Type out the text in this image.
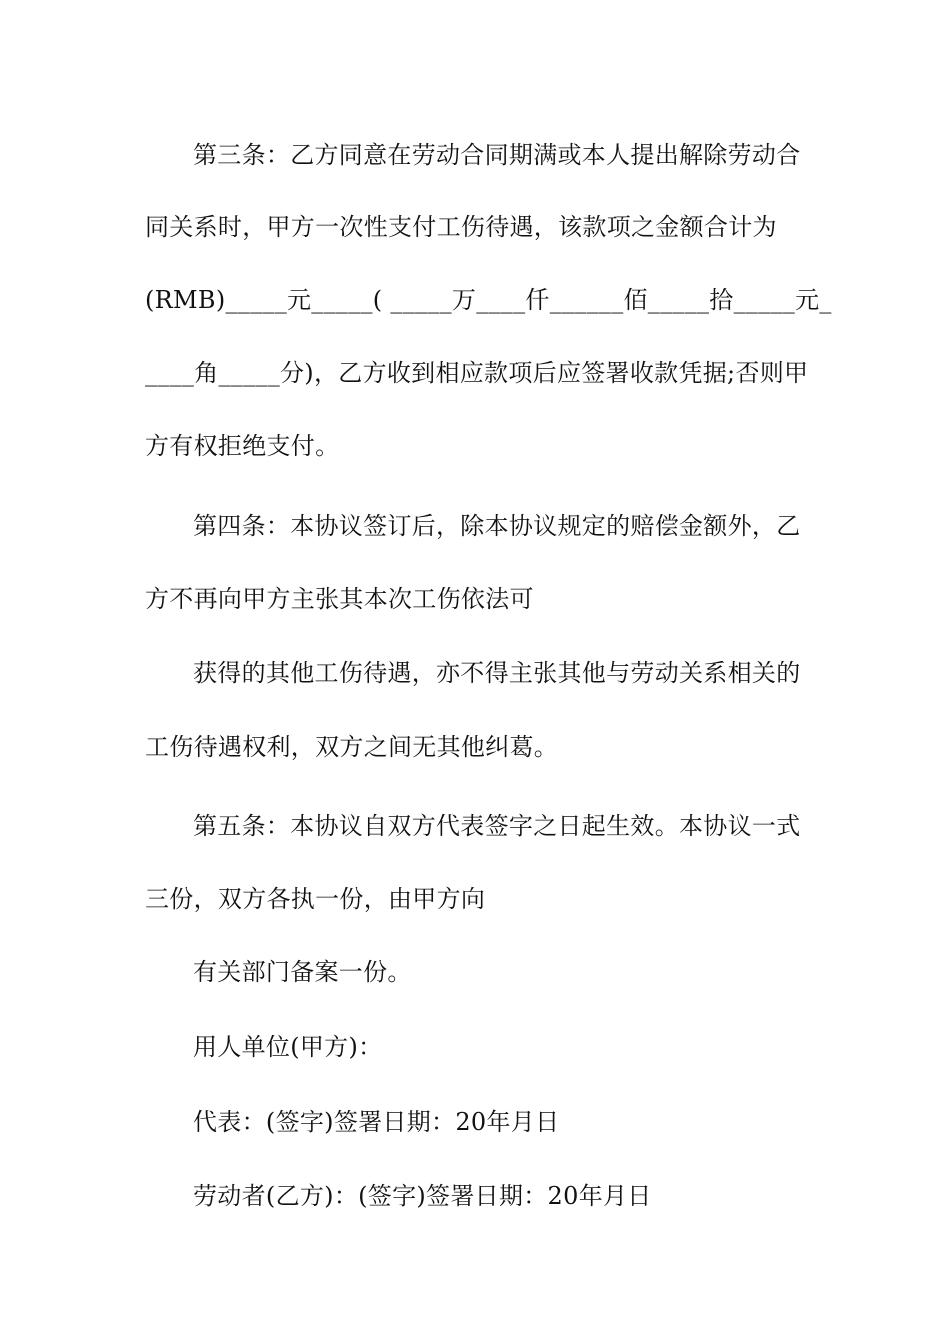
第三条：乙方同意在劳动合同期满或本人提出解除劳动合
同关系时，甲方一次性支付工伤待遇，该款项之金额合计为
(RMB)_____元_____( _____万____仟______佰_____拾_____元_
____角_____分)，乙方收到相应款项后应签署收款凭据;否则甲
方有权拒绝支付。
第四条：本协议签订后，除本协议规定的赔偿金额外，乙
方不再向甲方主张其本次工伤依法可
获得的其他工伤待遇，亦不得主张其他与劳动关系相关的
工伤待遇权利，双方之间无其他纠葛。
第五条：本协议自双方代表签字之日起生效。本协议一式
三份，双方各执一份，由甲方向
有关部门备案一份。
用人单位(甲方)：
代表：(签字)签署日期：20年月日
劳动者(乙方)：(签字)签署日期：20年月日
